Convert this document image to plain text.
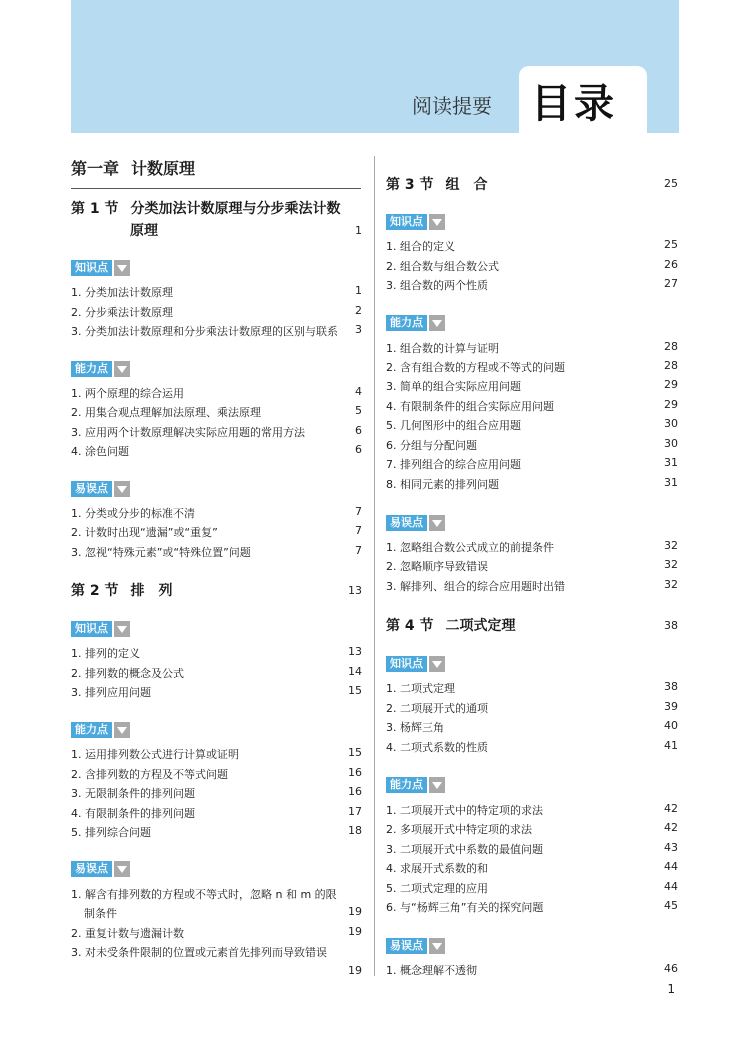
阅读提要 目录
第一章 计数原理
第 1 节 分类加法计数原理与分步乘法计数
原理	1
知识点
1. 分类加法计数原理	1
2. 分步乘法计数原理	2
3. 分类加法计数原理和分步乘法计数原理的区别与联系	3
能力点
1. 两个原理的综合运用	4
2. 用集合观点理解加法原理、乘法原理	5
3. 应用两个计数原理解决实际应用题的常用方法	6
4. 涂色问题	6
易误点
1. 分类或分步的标准不清	7
2. 计数时出现“遗漏”或“重复”	7
3. 忽视“特殊元素”或“特殊位置”问题	7
第 2 节 排　列	13
知识点
1. 排列的定义	13
2. 排列数的概念及公式	14
3. 排列应用问题	15
能力点
1. 运用排列数公式进行计算或证明	15
2. 含排列数的方程及不等式问题	16
3. 无限制条件的排列问题	16
4. 有限制条件的排列问题	17
5. 排列综合问题	18
易误点
1. 解含有排列数的方程或不等式时，忽略 n 和 m 的限
制条件	19
2. 重复计数与遗漏计数	19
3. 对未受条件限制的位置或元素首先排列而导致错误
19
第 3 节 组　合	25
知识点
1. 组合的定义	25
2. 组合数与组合数公式	26
3. 组合数的两个性质	27
能力点
1. 组合数的计算与证明	28
2. 含有组合数的方程或不等式的问题	28
3. 简单的组合实际应用问题	29
4. 有限制条件的组合实际应用问题	29
5. 几何图形中的组合应用题	30
6. 分组与分配问题	30
7. 排列组合的综合应用问题	31
8. 相同元素的排列问题	31
易误点
1. 忽略组合数公式成立的前提条件	32
2. 忽略顺序导致错误	32
3. 解排列、组合的综合应用题时出错	32
第 4 节 二项式定理	38
知识点
1. 二项式定理	38
2. 二项展开式的通项	39
3. 杨辉三角	40
4. 二项式系数的性质	41
能力点
1. 二项展开式中的特定项的求法	42
2. 多项展开式中特定项的求法	42
3. 二项展开式中系数的最值问题	43
4. 求展开式系数的和	44
5. 二项式定理的应用	44
6. 与“杨辉三角”有关的探究问题	45
易误点
1. 概念理解不透彻	46
1
